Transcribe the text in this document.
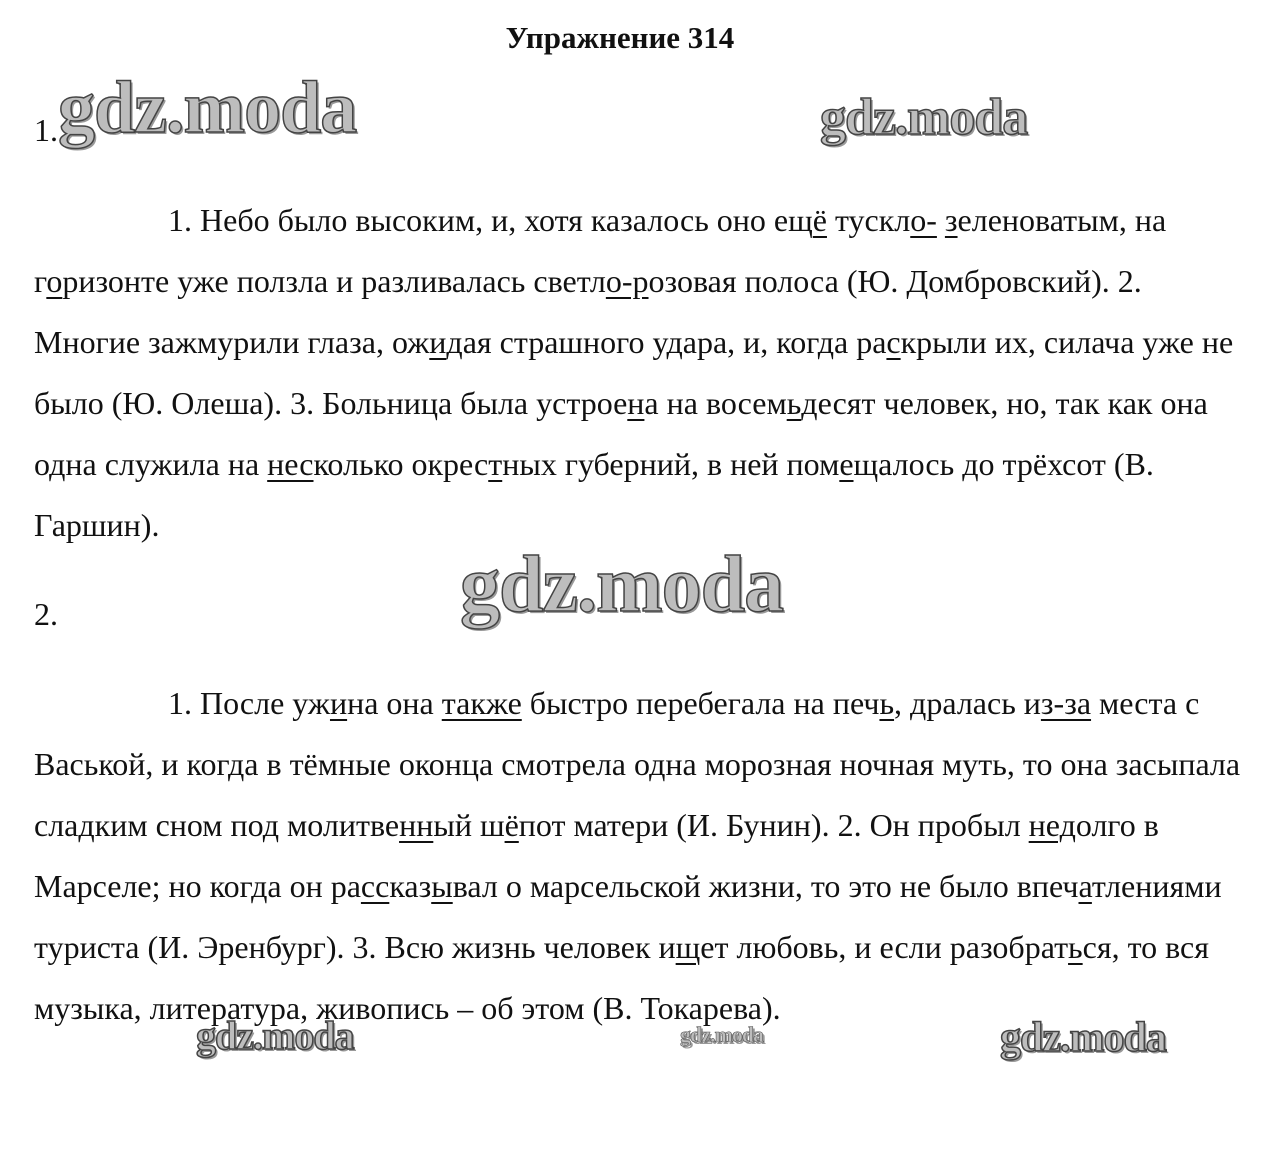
Упражнение 314
1.
1. Небо было высоким, и, хотя казалось оно ещё тускло- зеленоватым, на горизонте уже ползла и разливалась светло-розовая полоса (Ю. Домбровский). 2. Многие зажмурили глаза, ожидая страшного удара, и, когда раскрыли их, силача уже не было (Ю. Олеша). 3. Больница была устроена на восемьдесят человек, но, так как она одна служила на несколько окрестных губерний, в ней помещалось до трёхсот (В. Гаршин).
2.
1. После ужина она также быстро перебегала на печь, дралась из-за места с Васькой, и когда в тёмные оконца смотрела одна морозная ночная муть, то она засыпала сладким сном под молитвенный шёпот матери (И. Бунин). 2. Он пробыл недолго в Марселе; но когда он рассказывал о марсельской жизни, то это не было впечатлениями туриста (И. Эренбург). 3. Всю жизнь человек ищет любовь, и если разобраться, то вся музыка, литература, живопись – об этом (В. Токарева).
gdz.moda	gdz.moda
gdz.moda
gdz.moda	gdz.moda	gdz.moda
